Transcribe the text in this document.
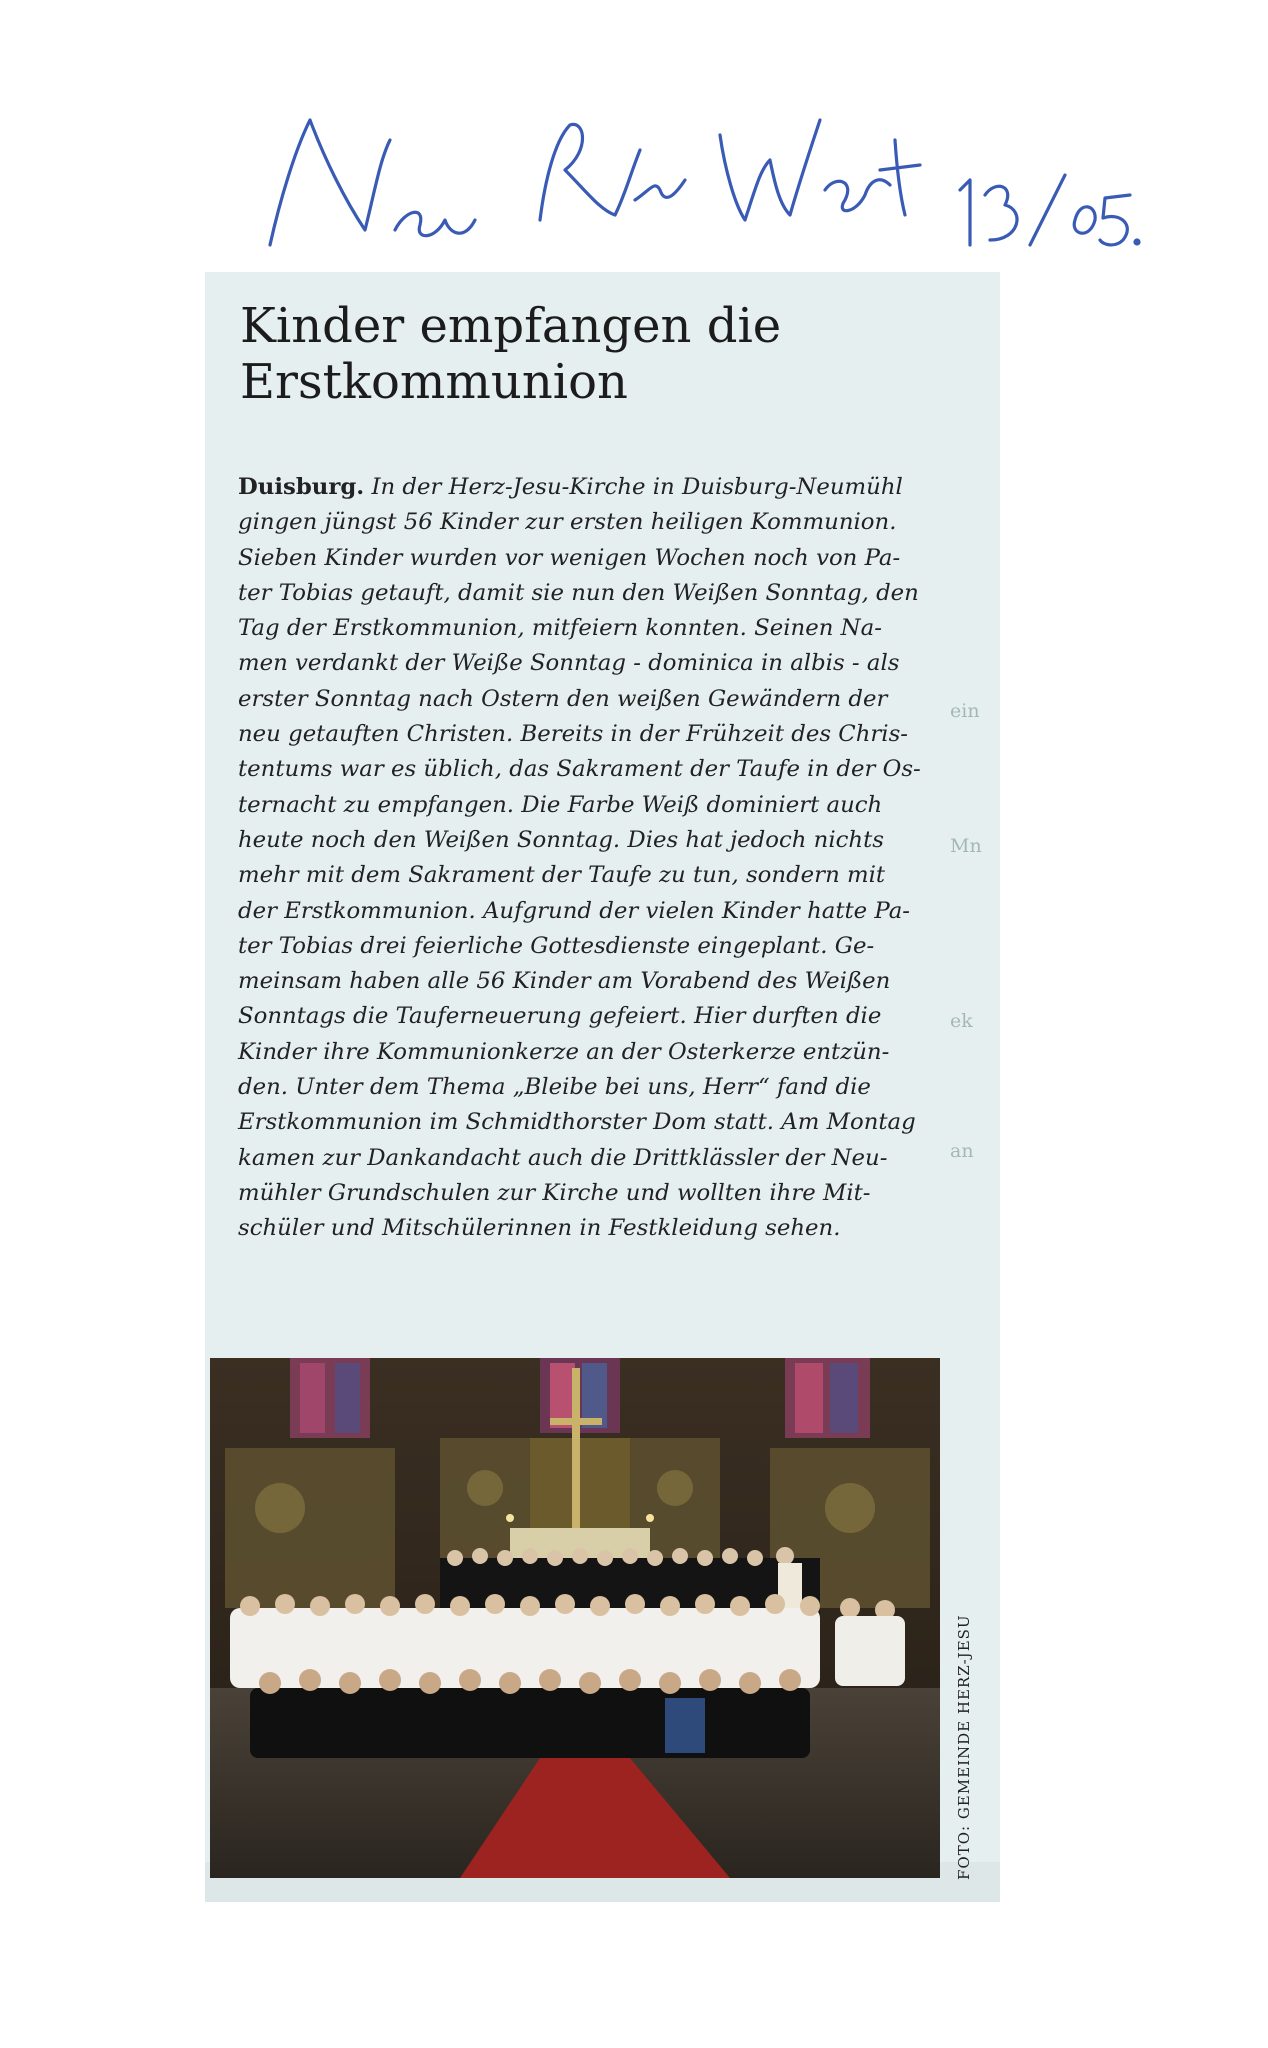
ein
Mn
ek
an
Kinder empfangen die
Erstkommunion
Duisburg. In der Herz-Jesu-Kirche in Duisburg-Neumühl
gingen jüngst 56 Kinder zur ersten heiligen Kommunion.
Sieben Kinder wurden vor wenigen Wochen noch von Pa-
ter Tobias getauft, damit sie nun den Weißen Sonntag, den
Tag der Erstkommunion, mitfeiern konnten. Seinen Na-
men verdankt der Weiße Sonntag - dominica in albis - als
erster Sonntag nach Ostern den weißen Gewändern der
neu getauften Christen. Bereits in der Frühzeit des Chris-
tentums war es üblich, das Sakrament der Taufe in der Os-
ternacht zu empfangen. Die Farbe Weiß dominiert auch
heute noch den Weißen Sonntag. Dies hat jedoch nichts
mehr mit dem Sakrament der Taufe zu tun, sondern mit
der Erstkommunion. Aufgrund der vielen Kinder hatte Pa-
ter Tobias drei feierliche Gottesdienste eingeplant. Ge-
meinsam haben alle 56 Kinder am Vorabend des Weißen
Sonntags die Tauferneuerung gefeiert. Hier durften die
Kinder ihre Kommunionkerze an der Osterkerze entzün-
den. Unter dem Thema „Bleibe bei uns, Herr“ fand die
Erstkommunion im Schmidthorster Dom statt. Am Montag
kamen zur Dankandacht auch die Drittklässler der Neu-
mühler Grundschulen zur Kirche und wollten ihre Mit-
schüler und Mitschülerinnen in Festkleidung sehen.
FOTO: GEMEINDE HERZ-JESU
